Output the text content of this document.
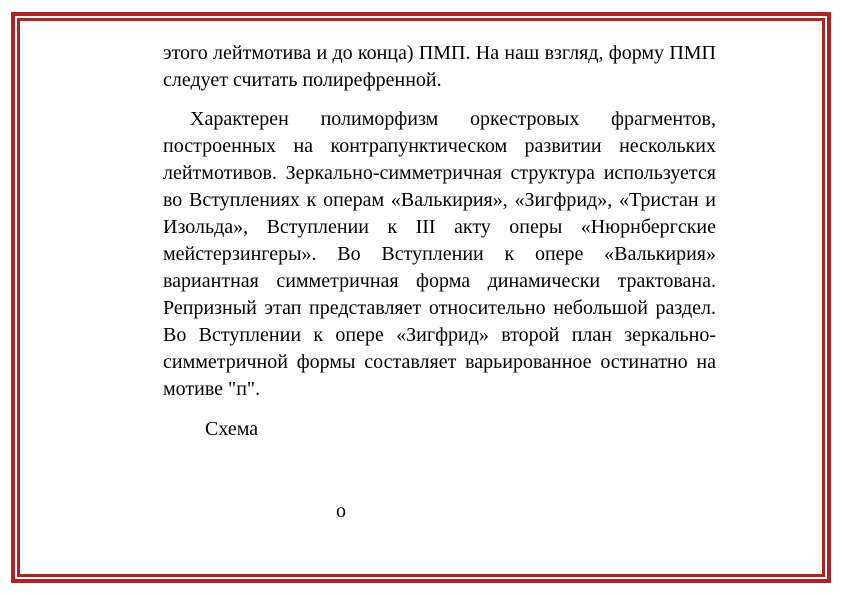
этого лейтмотива и до конца) ПМП. На наш взгляд, форму ПМП следует считать полирефренной.

Характерен полиморфизм оркестровых фрагментов, построенных на контрапунктическом развитии нескольких лейтмотивов. Зеркально-симметричная структура используется во Вступлениях к операм «Валькирия», «Зигфрид», «Тристан и Изольда», Вступлении к III акту оперы «Нюрнбергские мейстерзингеры». Во Вступлении к опере «Валькирия» вариантная симметричная форма динамически трактована. Репризный этап представляет относительно небольшой раздел. Во Вступлении к опере «Зигфрид» второй план зеркально-симметричной формы составляет варьированное остинатно на мотиве "п".

Схема

о
